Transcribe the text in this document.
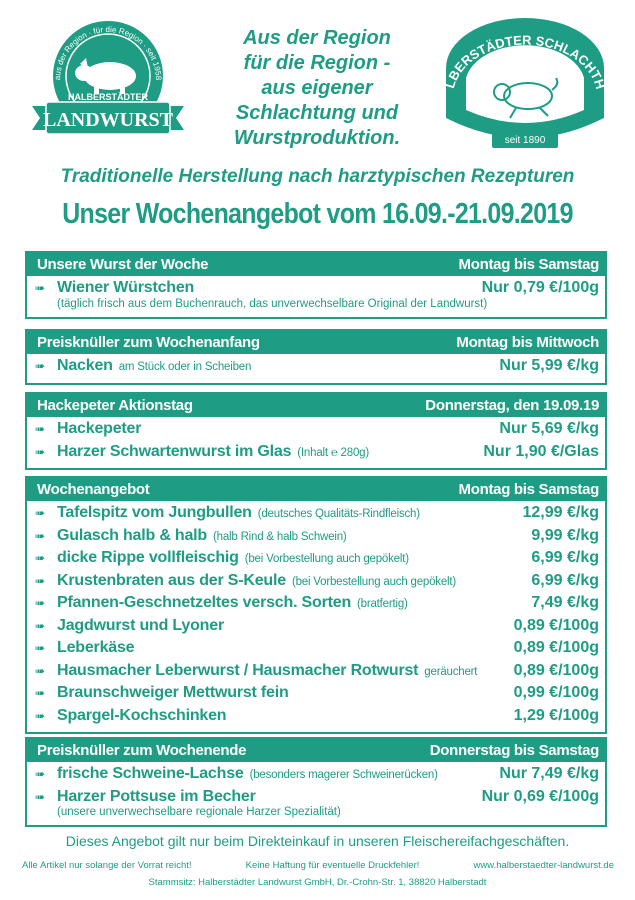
aus der Region · für die Region · seit 1958
HALBERSTÄDTER
LANDWURST
Aus der Region
für die Region -
aus eigener
Schlachtung und
Wurstproduktion.
LBERSTÄDTER SCHLACHTH
seit 1890
Traditionelle Herstellung nach harztypischen Rezepturen
Unser Wochenangebot vom 16.09.-21.09.2019
Unsere Wurst der Woche	Montag bis Samstag
➠ Wiener Würstchen	Nur 0,79 €/100g
(täglich frisch aus dem Buchenrauch, das unverwechselbare Original der Landwurst)
Preisknüller zum Wochenanfang	Montag bis Mittwoch
➠ Nacken am Stück oder in Scheiben	Nur 5,99 €/kg
Hackepeter Aktionstag	Donnerstag, den 19.09.19
➠ Hackepeter	Nur 5,69 €/kg
➠ Harzer Schwartenwurst im Glas (Inhalt ℮ 280g)	Nur 1,90 €/Glas
Wochenangebot	Montag bis Samstag
➠ Tafelspitz vom Jungbullen (deutsches Qualitäts-Rindfleisch)	12,99 €/kg
➠ Gulasch halb & halb (halb Rind & halb Schwein)	9,99 €/kg
➠ dicke Rippe vollfleischig (bei Vorbestellung auch gepökelt)	6,99 €/kg
➠ Krustenbraten aus der S-Keule (bei Vorbestellung auch gepökelt)	6,99 €/kg
➠ Pfannen-Geschnetzeltes versch. Sorten (bratfertig)	7,49 €/kg
➠ Jagdwurst und Lyoner	0,89 €/100g
➠ Leberkäse	0,89 €/100g
➠ Hausmacher Leberwurst / Hausmacher Rotwurst geräuchert 0,89 €/100g
➠ Braunschweiger Mettwurst fein	0,99 €/100g
➠ Spargel-Kochschinken	1,29 €/100g
Preisknüller zum Wochenende	Donnerstag bis Samstag
➠ frische Schweine-Lachse (besonders magerer Schweinerücken)	Nur 7,49 €/kg
➠ Harzer Pottsuse im Becher	Nur 0,69 €/100g
(unsere unverwechselbare regionale Harzer Spezialität)
Dieses Angebot gilt nur beim Direkteinkauf in unseren Fleischereifachgeschäften.
Alle Artikel nur solange der Vorrat reicht!	Keine Haftung für eventuelle Druckfehler!	www.halberstaedter-landwurst.de
Stammsitz: Halberstädter Landwurst GmbH, Dr.-Crohn-Str. 1, 38820 Halberstadt
